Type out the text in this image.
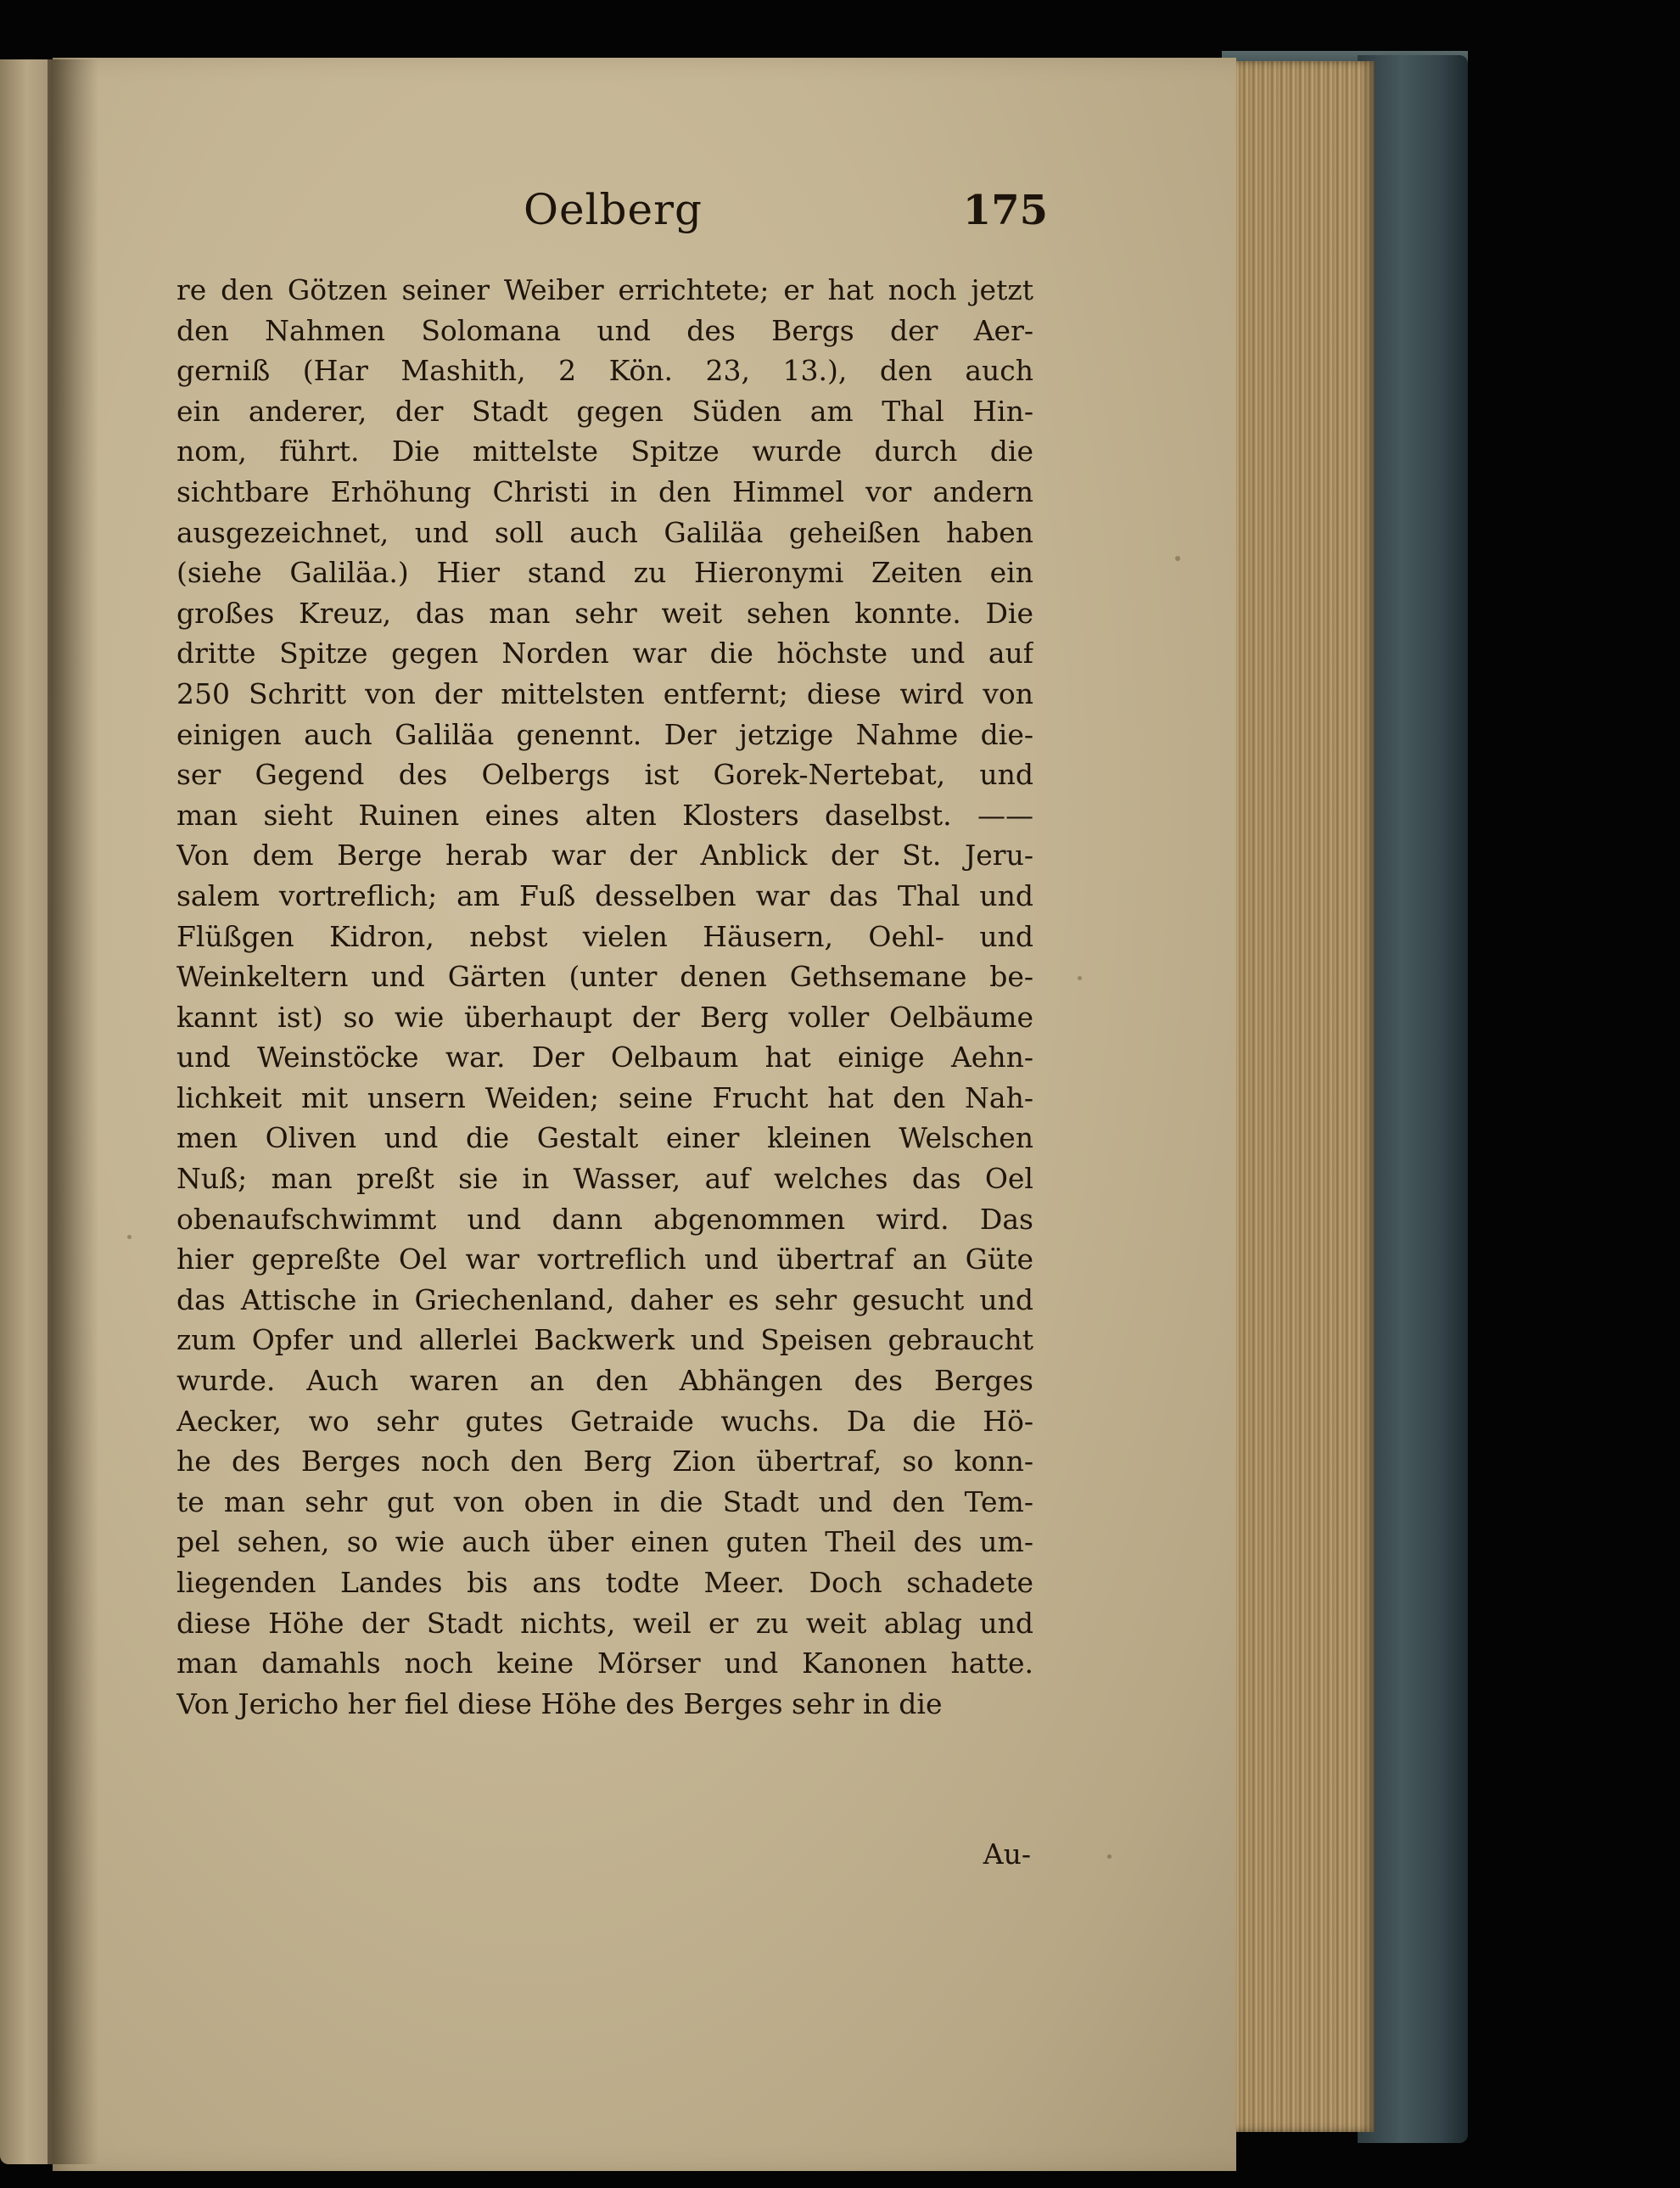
Oelberg	175
re den Götzen seiner Weiber errichtete; er hat noch jetzt
den Nahmen Solomana und des Bergs der Aer-
gerniß (Har Mashith, 2 Kön. 23, 13.), den auch
ein anderer, der Stadt gegen Süden am Thal Hin-
nom, führt. Die mittelste Spitze wurde durch die
sichtbare Erhöhung Christi in den Himmel vor andern
ausgezeichnet, und soll auch Galiläa geheißen haben
(siehe Galiläa.) Hier stand zu Hieronymi Zeiten ein
großes Kreuz, das man sehr weit sehen konnte. Die
dritte Spitze gegen Norden war die höchste und auf
250 Schritt von der mittelsten entfernt; diese wird von
einigen auch Galiläa genennt. Der jetzige Nahme die-
ser Gegend des Oelbergs ist Gorek-Nertebat, und
man sieht Ruinen eines alten Klosters daselbst. ——
Von dem Berge herab war der Anblick der St. Jeru-
salem vortreflich; am Fuß desselben war das Thal und
Flüßgen Kidron, nebst vielen Häusern, Oehl- und
Weinkeltern und Gärten (unter denen Gethsemane be-
kannt ist) so wie überhaupt der Berg voller Oelbäume
und Weinstöcke war. Der Oelbaum hat einige Aehn-
lichkeit mit unsern Weiden; seine Frucht hat den Nah-
men Oliven und die Gestalt einer kleinen Welschen
Nuß; man preßt sie in Wasser, auf welches das Oel
obenaufschwimmt und dann abgenommen wird. Das
hier gepreßte Oel war vortreflich und übertraf an Güte
das Attische in Griechenland, daher es sehr gesucht und
zum Opfer und allerlei Backwerk und Speisen gebraucht
wurde. Auch waren an den Abhängen des Berges
Aecker, wo sehr gutes Getraide wuchs. Da die Hö-
he des Berges noch den Berg Zion übertraf, so konn-
te man sehr gut von oben in die Stadt und den Tem-
pel sehen, so wie auch über einen guten Theil des um-
liegenden Landes bis ans todte Meer. Doch schadete
diese Höhe der Stadt nichts, weil er zu weit ablag und
man damahls noch keine Mörser und Kanonen hatte.
Von Jericho her fiel diese Höhe des Berges sehr in die
Au-
